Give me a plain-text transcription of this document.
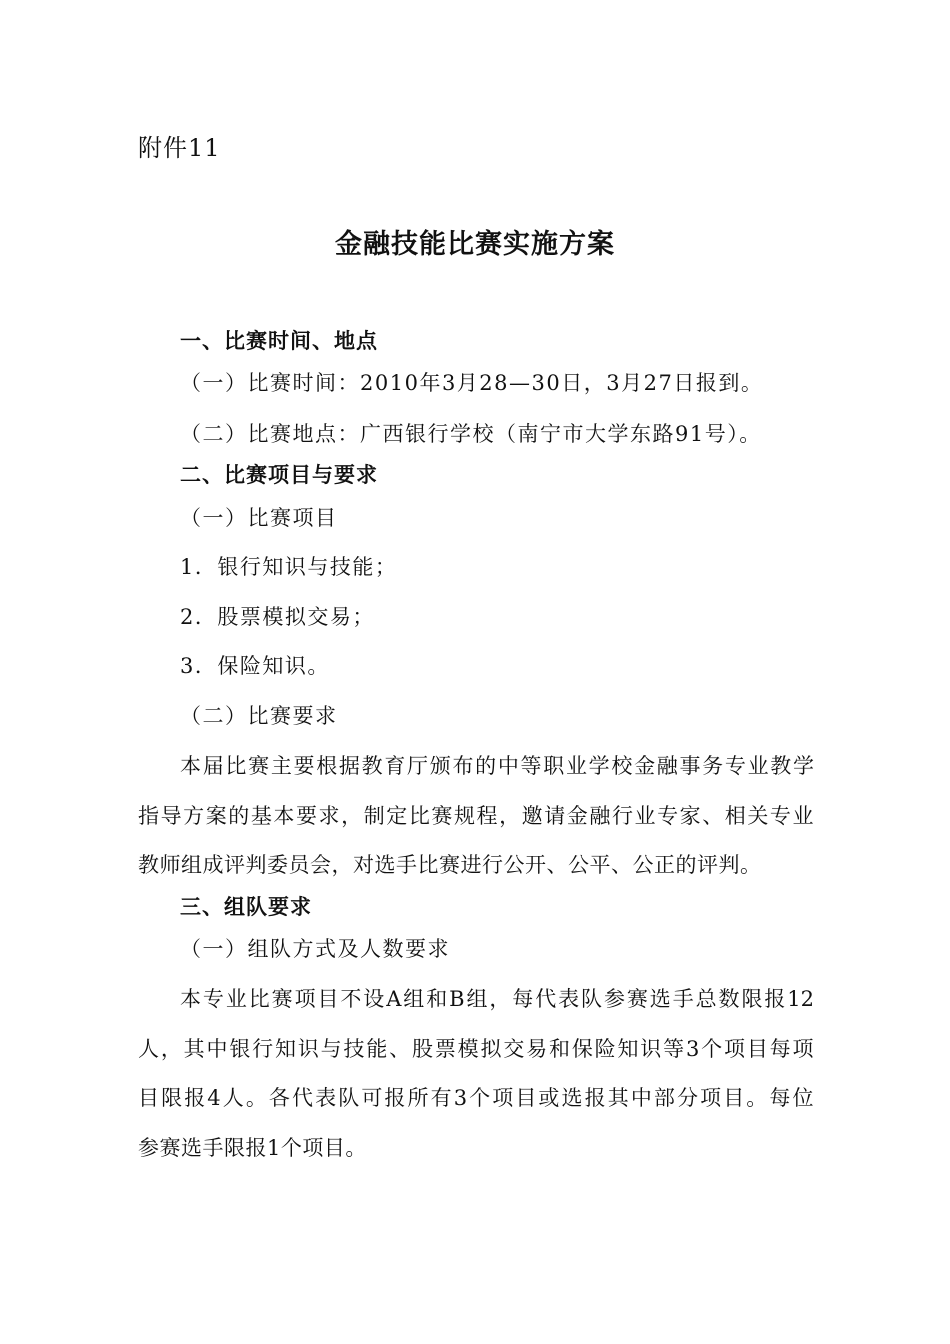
附件11
金融技能比赛实施方案
一、比赛时间、地点
（一）比赛时间：2010年3月28—30日，3月27日报到。
（二）比赛地点：广西银行学校（南宁市大学东路91号）。
二、比赛项目与要求
（一）比赛项目
1．银行知识与技能；
2．股票模拟交易；
3．保险知识。
（二）比赛要求
本届比赛主要根据教育厅颁布的中等职业学校金融事务专业教学
指导方案的基本要求，制定比赛规程，邀请金融行业专家、相关专业
教师组成评判委员会，对选手比赛进行公开、公平、公正的评判。
三、组队要求
（一）组队方式及人数要求
本专业比赛项目不设A组和B组，每代表队参赛选手总数限报12
人，其中银行知识与技能、股票模拟交易和保险知识等3个项目每项
目限报4人。各代表队可报所有3个项目或选报其中部分项目。每位
参赛选手限报1个项目。
